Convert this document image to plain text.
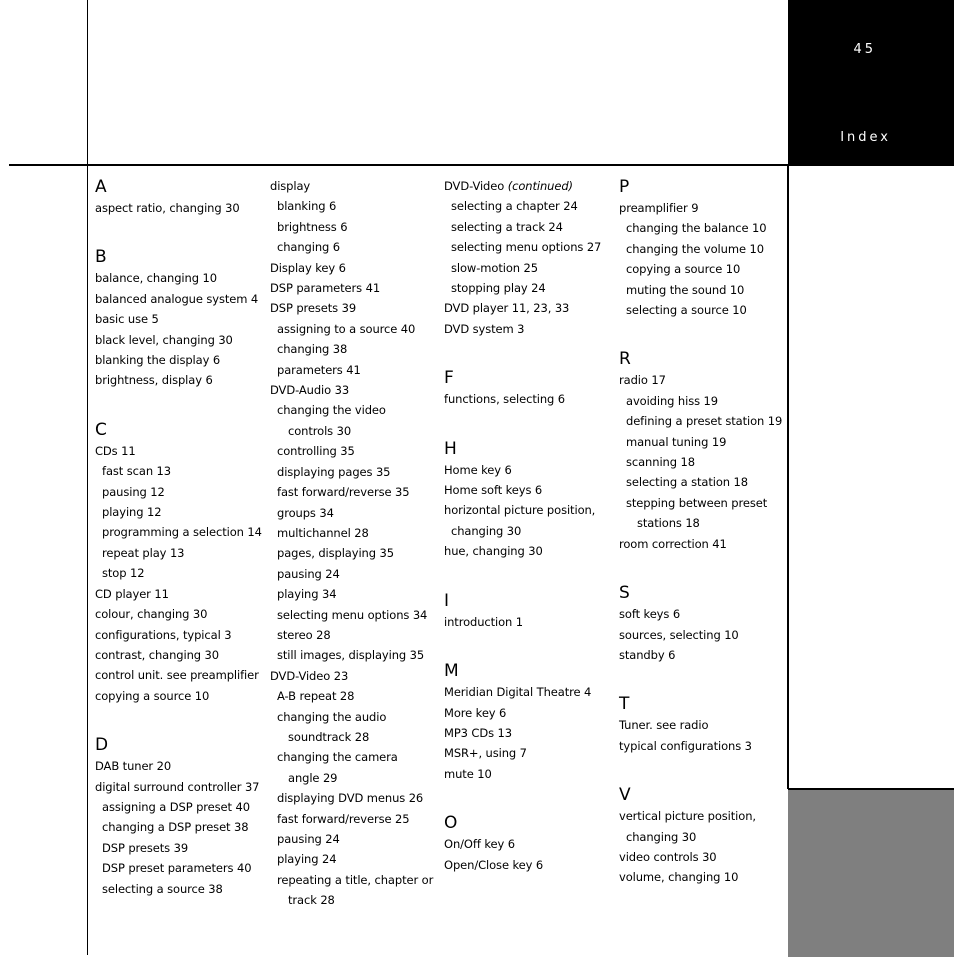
45
Index
A
aspect ratio, changing 30
B
balance, changing 10
balanced analogue system 4
basic use 5
black level, changing 30
blanking the display 6
brightness, display 6
C
CDs 11
fast scan 13
pausing 12
playing 12
programming a selection 14
repeat play 13
stop 12
CD player 11
colour, changing 30
configurations, typical 3
contrast, changing 30
control unit. see preamplifier
copying a source 10
D
DAB tuner 20
digital surround controller 37
assigning a DSP preset 40
changing a DSP preset 38
DSP presets 39
DSP preset parameters 40
selecting a source 38
display
blanking 6
brightness 6
changing 6
Display key 6
DSP parameters 41
DSP presets 39
assigning to a source 40
changing 38
parameters 41
DVD-Audio 33
changing the video
controls 30
controlling 35
displaying pages 35
fast forward/reverse 35
groups 34
multichannel 28
pages, displaying 35
pausing 24
playing 34
selecting menu options 34
stereo 28
still images, displaying 35
DVD-Video 23
A-B repeat 28
changing the audio
soundtrack 28
changing the camera
angle 29
displaying DVD menus 26
fast forward/reverse 25
pausing 24
playing 24
repeating a title, chapter or
track 28
DVD-Video (continued)
selecting a chapter 24
selecting a track 24
selecting menu options 27
slow-motion 25
stopping play 24
DVD player 11, 23, 33
DVD system 3
F
functions, selecting 6
H
Home key 6
Home soft keys 6
horizontal picture position,
changing 30
hue, changing 30
I
introduction 1
M
Meridian Digital Theatre 4
More key 6
MP3 CDs 13
MSR+, using 7
mute 10
O
On/Off key 6
Open/Close key 6
P
preamplifier 9
changing the balance 10
changing the volume 10
copying a source 10
muting the sound 10
selecting a source 10
R
radio 17
avoiding hiss 19
defining a preset station 19
manual tuning 19
scanning 18
selecting a station 18
stepping between preset
stations 18
room correction 41
S
soft keys 6
sources, selecting 10
standby 6
T
Tuner. see radio
typical configurations 3
V
vertical picture position,
changing 30
video controls 30
volume, changing 10
